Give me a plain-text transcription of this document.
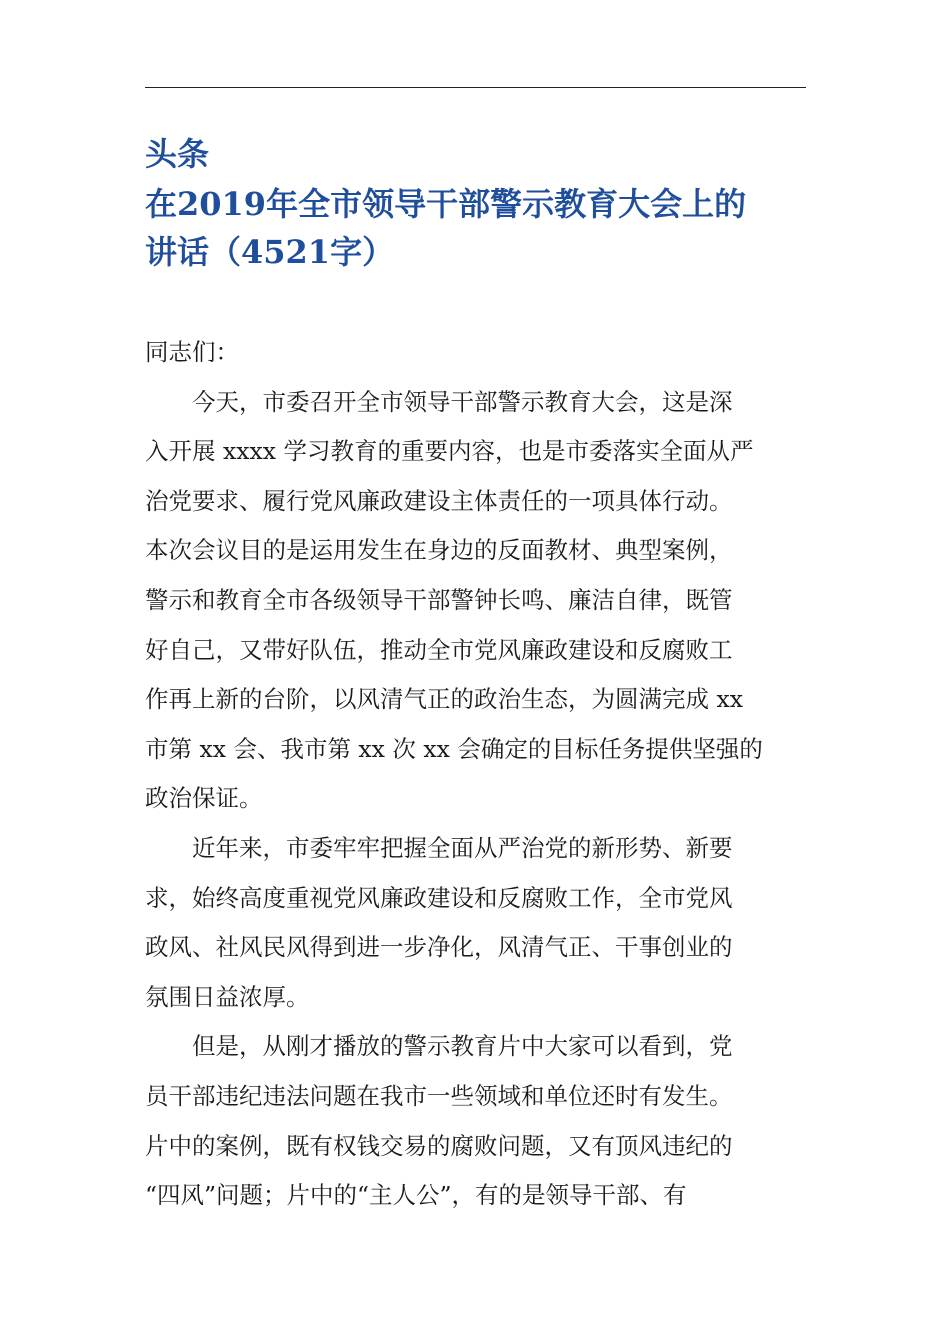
头条
在2019年全市领导干部警示教育大会上的
讲话（4521字）

同志们：

今天，市委召开全市领导干部警示教育大会，这是深
入开展 xxxx 学习教育的重要内容，也是市委落实全面从严
治党要求、履行党风廉政建设主体责任的一项具体行动。
本次会议目的是运用发生在身边的反面教材、典型案例，
警示和教育全市各级领导干部警钟长鸣、廉洁自律，既管
好自己，又带好队伍，推动全市党风廉政建设和反腐败工
作再上新的台阶，以风清气正的政治生态，为圆满完成 xx
市第 xx 会、我市第 xx 次 xx 会确定的目标任务提供坚强的
政治保证。

近年来，市委牢牢把握全面从严治党的新形势、新要
求，始终高度重视党风廉政建设和反腐败工作，全市党风
政风、社风民风得到进一步净化，风清气正、干事创业的
氛围日益浓厚。

但是，从刚才播放的警示教育片中大家可以看到，党
员干部违纪违法问题在我市一些领域和单位还时有发生。
片中的案例，既有权钱交易的腐败问题，又有顶风违纪的
“四风”问题；片中的“主人公”，有的是领导干部、有
